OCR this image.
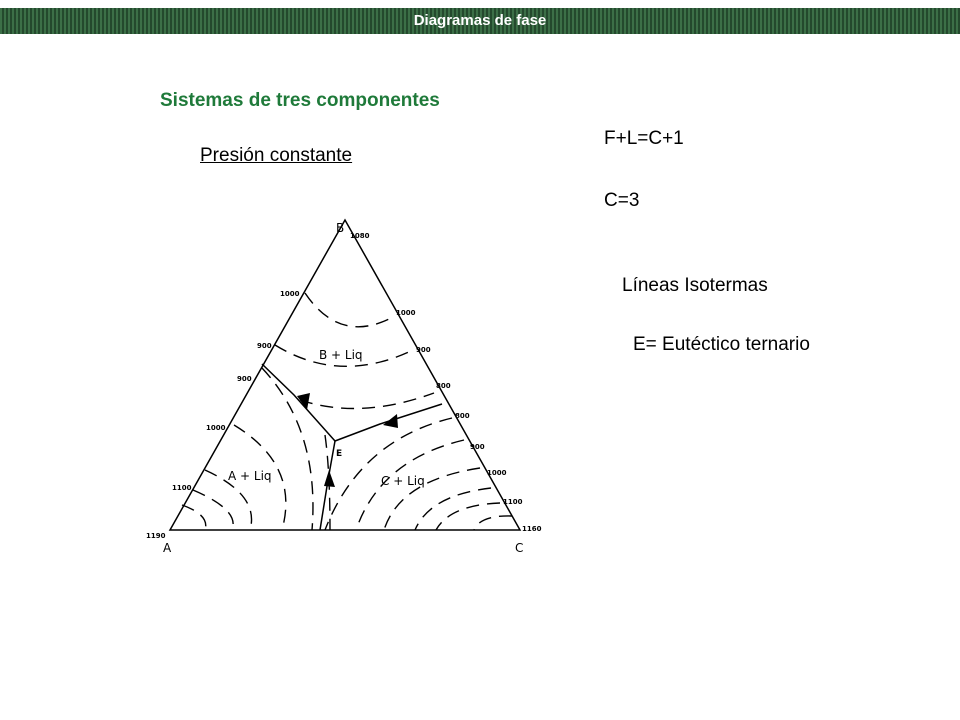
Diagramas de fase
Sistemas de tres componentes
Presión constante
F+L=C+1
C=3
Líneas Isotermas
E= Eutéctico ternario
B
A	C
1080
1190
1160
B + Liq
A + Liq	C + Liq
E
1000
900
900
1000
1100
1000
900
800
800
900
1000
1100
